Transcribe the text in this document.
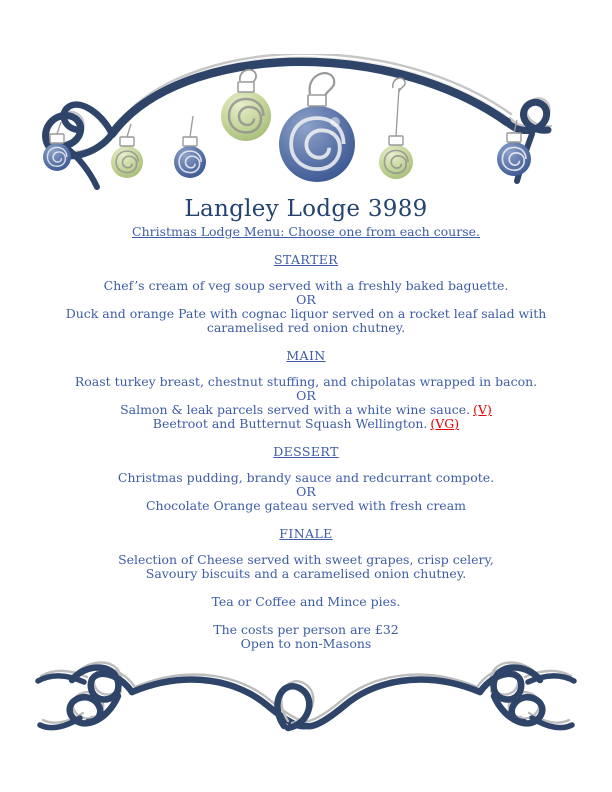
Langley Lodge 3989
Christmas Lodge Menu: Choose one from each course.
STARTER
Chef’s cream of veg soup served with a freshly baked baguette.
OR
Duck and orange Pate with cognac liquor served on a rocket leaf salad with
caramelised red onion chutney.
MAIN
Roast turkey breast, chestnut stuffing, and chipolatas wrapped in bacon.
OR
Salmon & leak parcels served with a white wine sauce. (V)
Beetroot and Butternut Squash Wellington. (VG)
DESSERT
Christmas pudding, brandy sauce and redcurrant compote.
OR
Chocolate Orange gateau served with fresh cream
FINALE
Selection of Cheese served with sweet grapes, crisp celery,
Savoury biscuits and a caramelised onion chutney.
Tea or Coffee and Mince pies.
The costs per person are £32
Open to non-Masons
